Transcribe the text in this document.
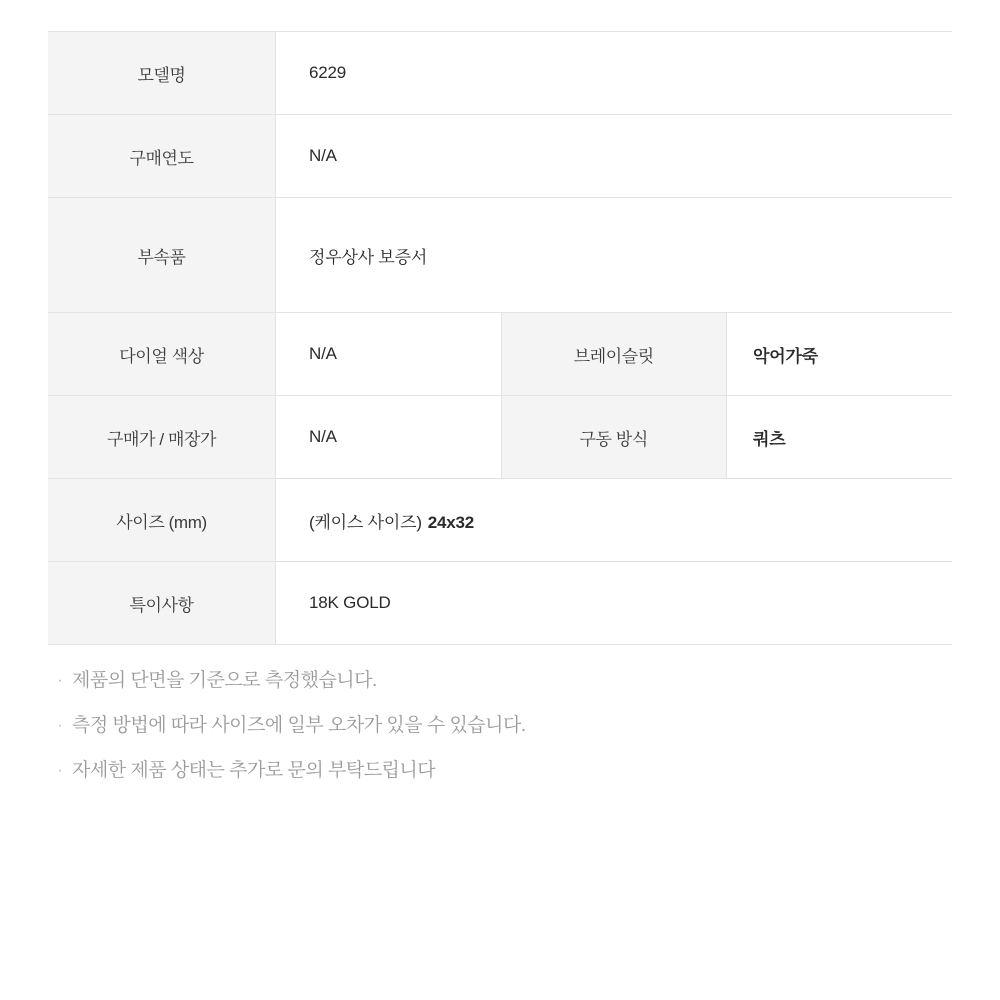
모델명	6229		
구매연도	N/A		
부속품	정우상사 보증서		
다이얼 색상	N/A	브레이슬릿	악어가죽
구매가 / 매장가	N/A	구동 방식	쿼츠
사이즈 (mm)	(케이스 사이즈) 24x32		
특이사항	18K GOLD		
· 제품의 단면을 기준으로 측정했습니다.
· 측정 방법에 따라 사이즈에 일부 오차가 있을 수 있습니다.
· 자세한 제품 상태는 추가로 문의 부탁드립니다
